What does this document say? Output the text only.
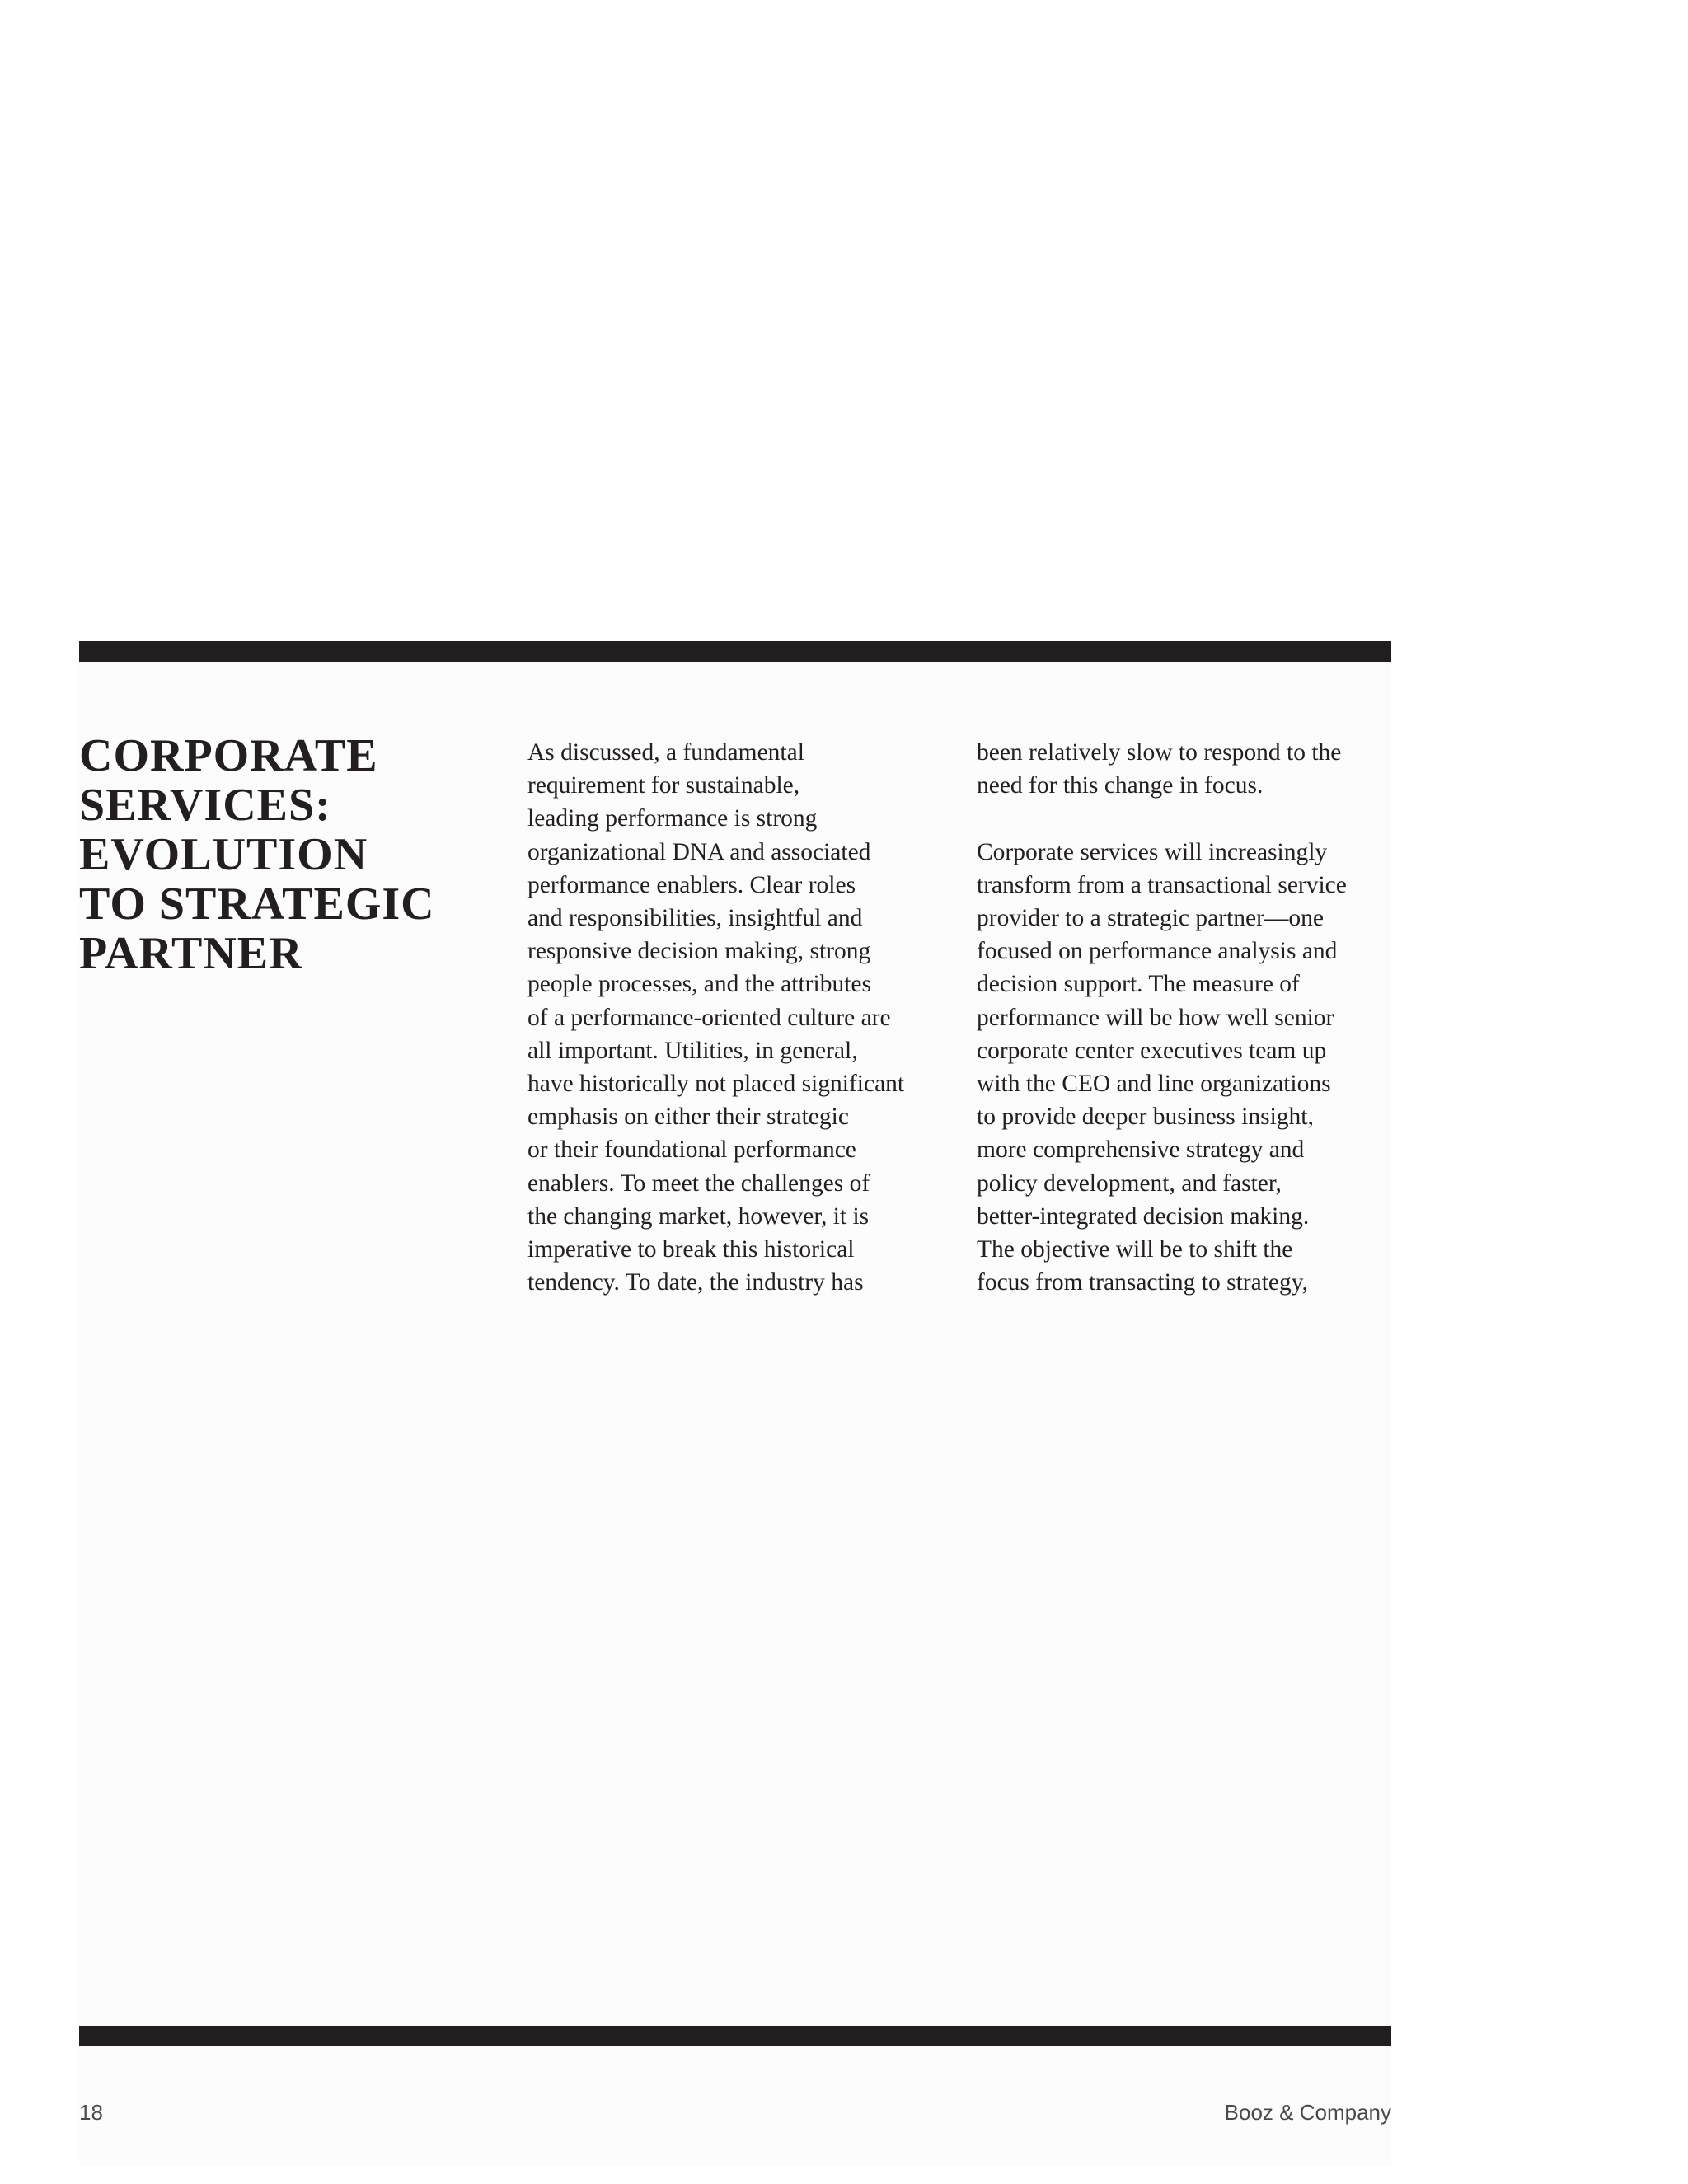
CORPORATE
SERVICES:
EVOLUTION
TO STRATEGIC
PARTNER
As discussed, a fundamental
requirement for sustainable,
leading performance is strong
organizational DNA and associated
performance enablers. Clear roles
and responsibilities, insightful and
responsive decision making, strong
people processes, and the attributes
of a performance-oriented culture are
all important. Utilities, in general,
have historically not placed significant
emphasis on either their strategic
or their foundational performance
enablers. To meet the challenges of
the changing market, however, it is
imperative to break this historical
tendency. To date, the industry has
been relatively slow to respond to the
need for this change in focus.
Corporate services will increasingly
transform from a transactional service
provider to a strategic partner—one
focused on performance analysis and
decision support. The measure of
performance will be how well senior
corporate center executives team up
with the CEO and line organizations
to provide deeper business insight,
more comprehensive strategy and
policy development, and faster,
better-integrated decision making.
The objective will be to shift the
focus from transacting to strategy,
18	Booz & Company
